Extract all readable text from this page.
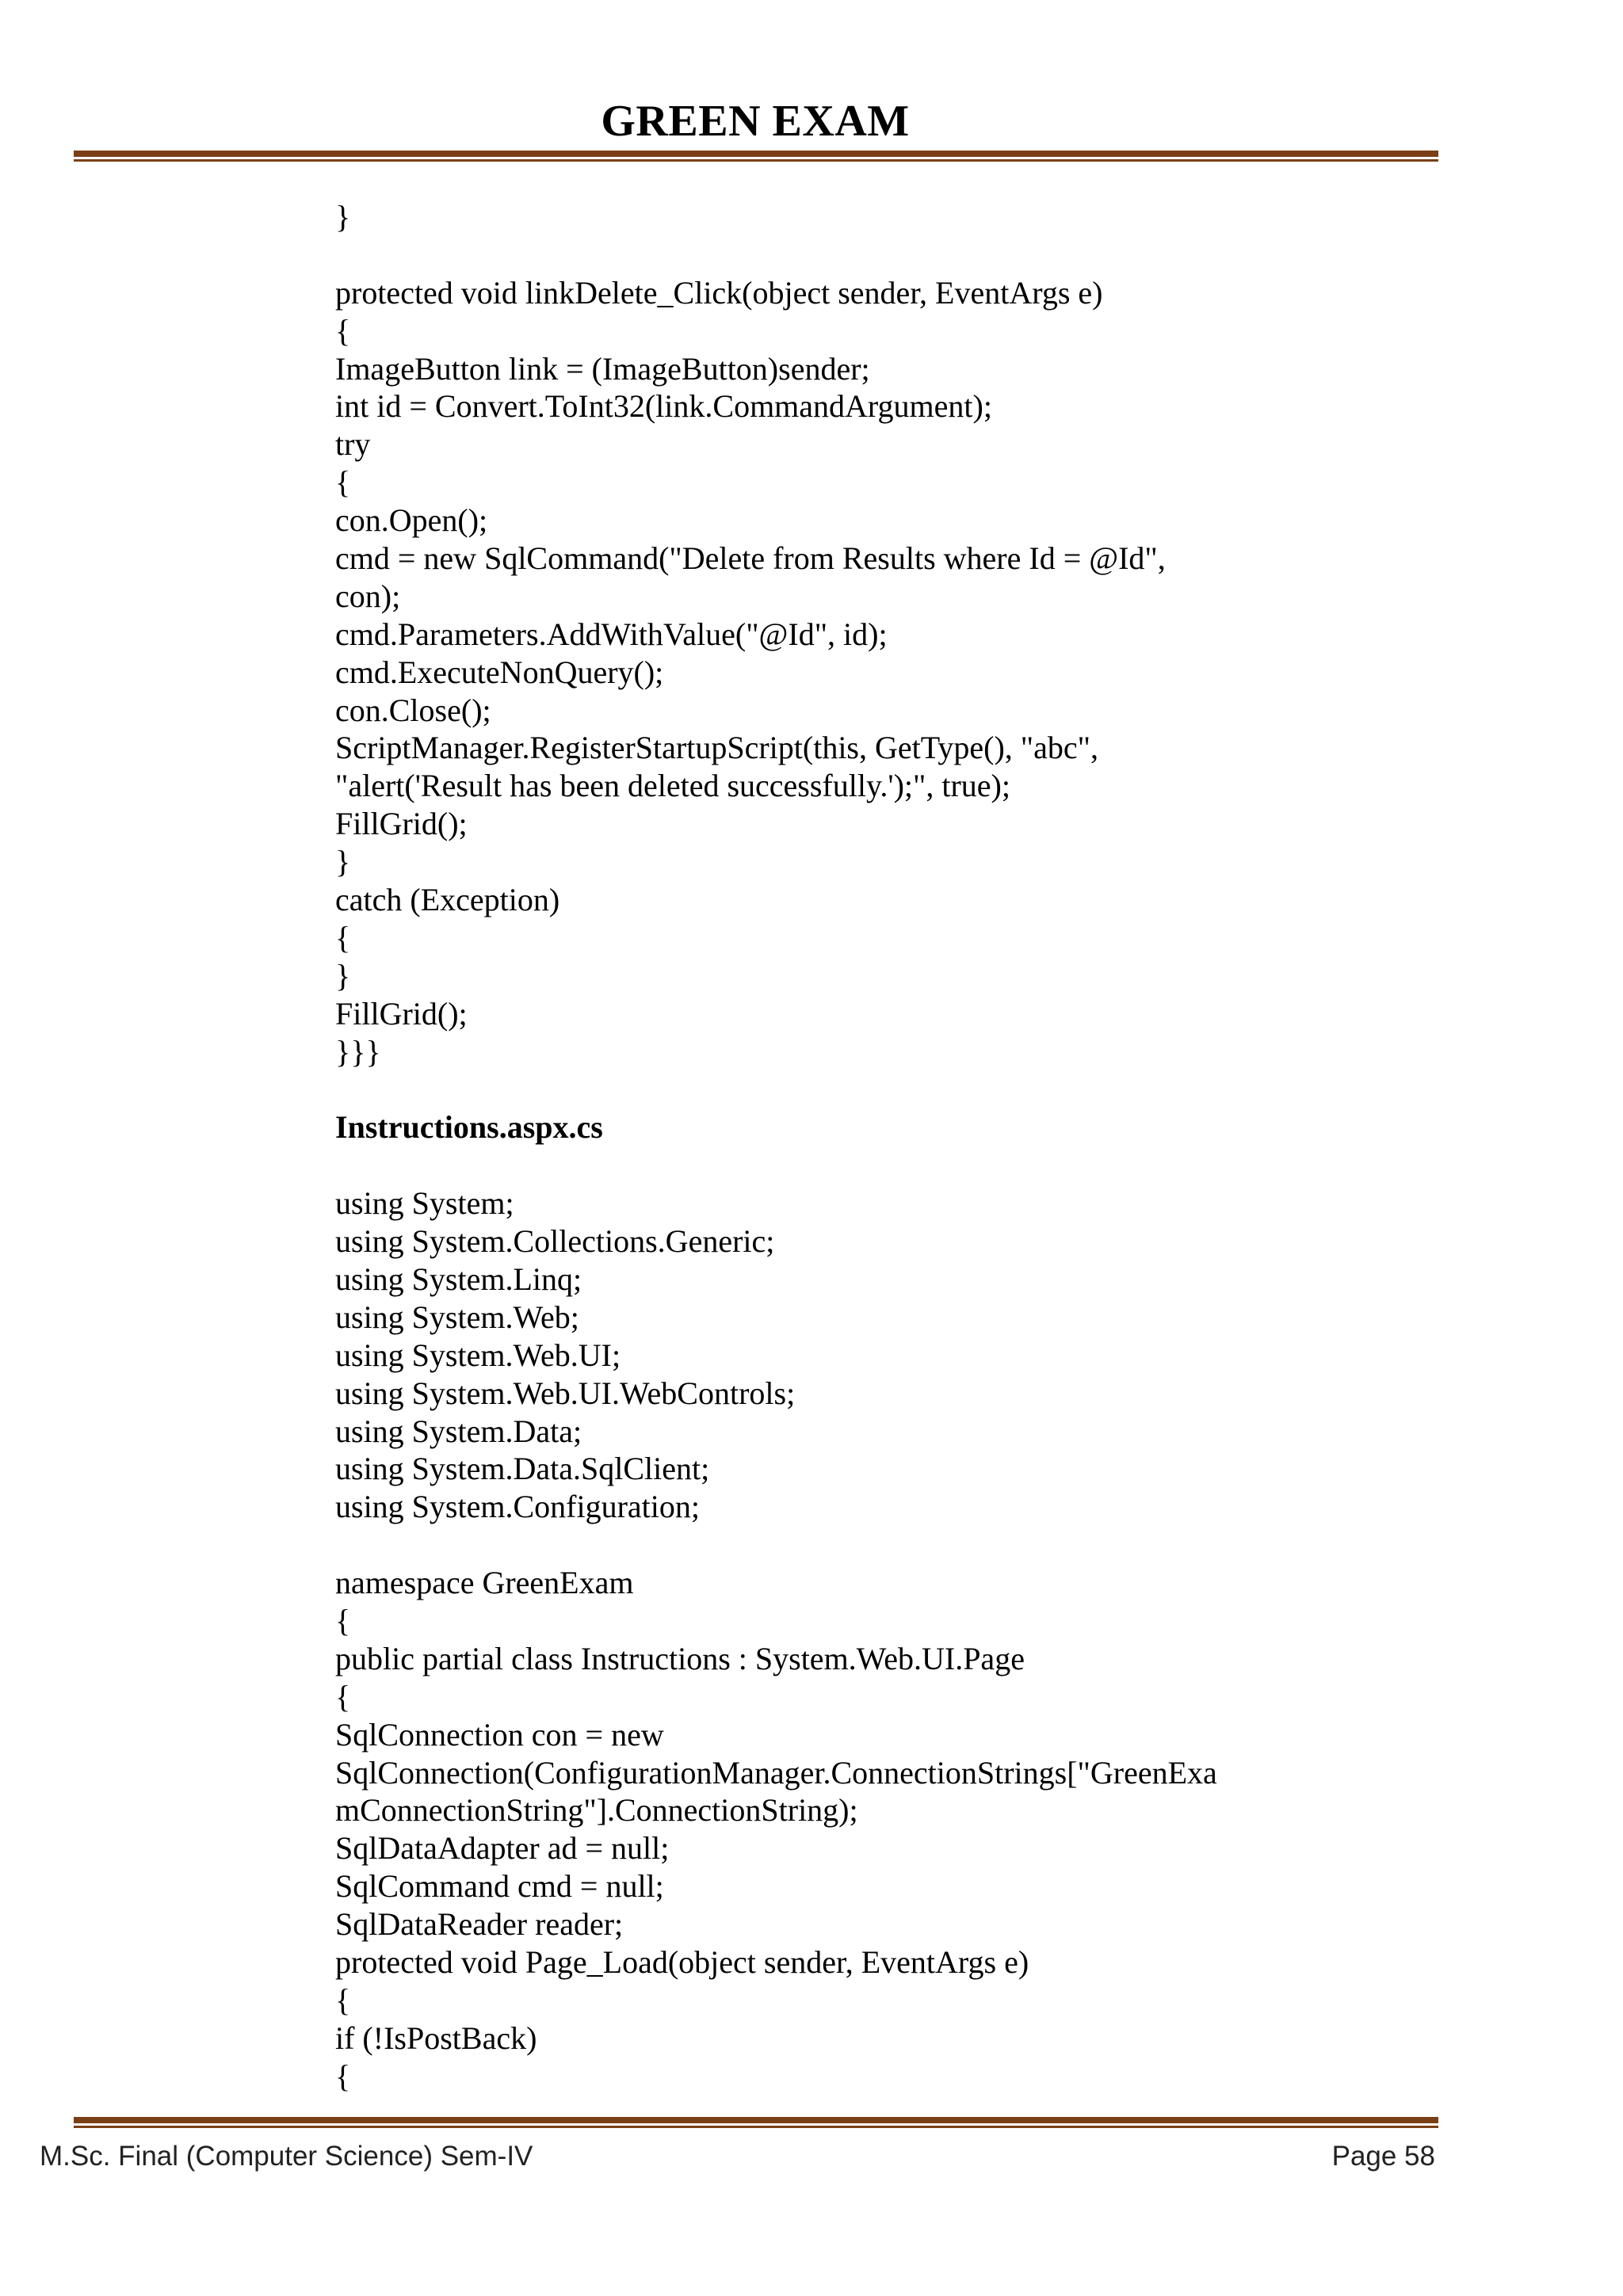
GREEN EXAM
}
protected void linkDelete_Click(object sender, EventArgs e)
{
ImageButton link = (ImageButton)sender;
int id = Convert.ToInt32(link.CommandArgument);
try
{
con.Open();
cmd = new SqlCommand("Delete from Results where Id = @Id",
con);
cmd.Parameters.AddWithValue("@Id", id);
cmd.ExecuteNonQuery();
con.Close();
ScriptManager.RegisterStartupScript(this, GetType(), "abc",
"alert('Result has been deleted successfully.');", true);
FillGrid();
}
catch (Exception)
{
}
FillGrid();
}}}
Instructions.aspx.cs
using System;
using System.Collections.Generic;
using System.Linq;
using System.Web;
using System.Web.UI;
using System.Web.UI.WebControls;
using System.Data;
using System.Data.SqlClient;
using System.Configuration;
namespace GreenExam
{
public partial class Instructions : System.Web.UI.Page
{
SqlConnection con = new
SqlConnection(ConfigurationManager.ConnectionStrings["GreenExa
mConnectionString"].ConnectionString);
SqlDataAdapter ad = null;
SqlCommand cmd = null;
SqlDataReader reader;
protected void Page_Load(object sender, EventArgs e)
{
if (!IsPostBack)
{
M.Sc. Final (Computer Science) Sem-IV	Page 58
